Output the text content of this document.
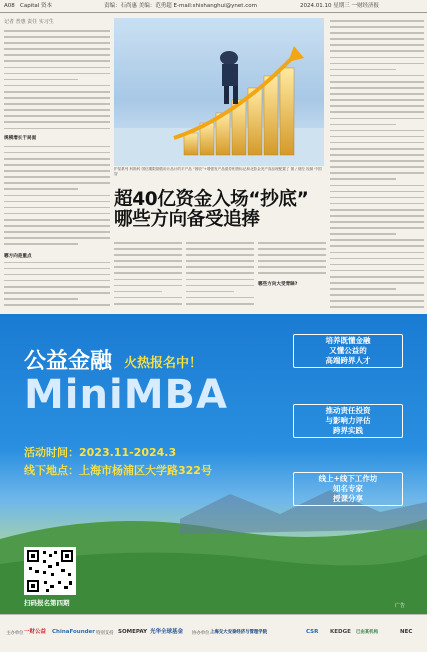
A08 Capital 资本	责编：石尚惠 美编：范勇超 E-mail:shishanghui@ynet.com	2024.01.10 星期三 一财经济报
记者 普惠 责任 实习生
护星系列 科斯科 国信期限期债用计品计的平产品 “固收”+增强发产品债券相资标记和北影金发产高品理配置了 图 / 财经 视频 中国智
超40亿资金入场“抄底”
哪些方向备受追捧
规模增长于局面
哪方向是重点
哪些方向大受青睐?
公益金融 火热报名中！
MiniMBA
活动时间：2023.11-2024.3
线下地点：上海市杨浦区大学路322号
培养既懂金融
又懂公益的
高端跨界人才
推动责任投资
与影响力评估
跨界实践
线上+线下工作坊
知名专家
授课分享
扫码报名第四期	广告
主办单位 一财公益 ChinaFounder 特别支持 SOMEPAY 光华全球基金 协办单位 上海交大安泰经济与管理学院	CSR KEDGE 已由某机构	NEC
